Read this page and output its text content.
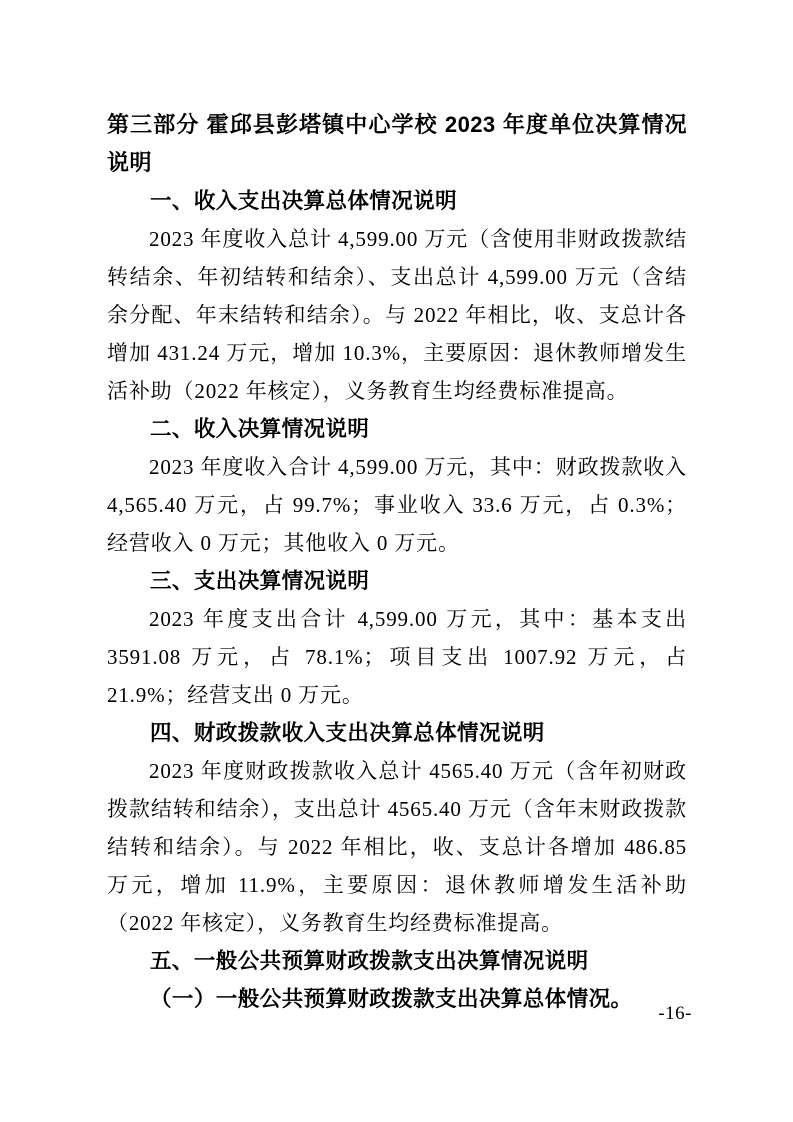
第三部分 霍邱县彭塔镇中心学校 2023 年度单位决算情况说明
一、收入支出决算总体情况说明
2023 年度收入总计 4,599.00 万元（含使用非财政拨款结转结余、年初结转和结余）、支出总计 4,599.00 万元（含结余分配、年末结转和结余）。与 2022 年相比，收、支总计各增加 431.24 万元，增加 10.3%，主要原因：退休教师增发生活补助（2022 年核定），义务教育生均经费标准提高。
二、收入决算情况说明
2023 年度收入合计 4,599.00 万元，其中：财政拨款收入 4,565.40 万元，占 99.7%；事业收入 33.6 万元，占 0.3%；经营收入 0 万元；其他收入 0 万元。
三、支出决算情况说明
2023 年度支出合计 4,599.00 万元，其中：基本支出 3591.08 万元，占 78.1%；项目支出 1007.92 万元，占 21.9%；经营支出 0 万元。
四、财政拨款收入支出决算总体情况说明
2023 年度财政拨款收入总计 4565.40 万元（含年初财政拨款结转和结余），支出总计 4565.40 万元（含年末财政拨款结转和结余）。与 2022 年相比，收、支总计各增加 486.85 万元，增加 11.9%，主要原因：退休教师增发生活补助（2022 年核定），义务教育生均经费标准提高。
五、一般公共预算财政拨款支出决算情况说明
（一）一般公共预算财政拨款支出决算总体情况。
-16-
